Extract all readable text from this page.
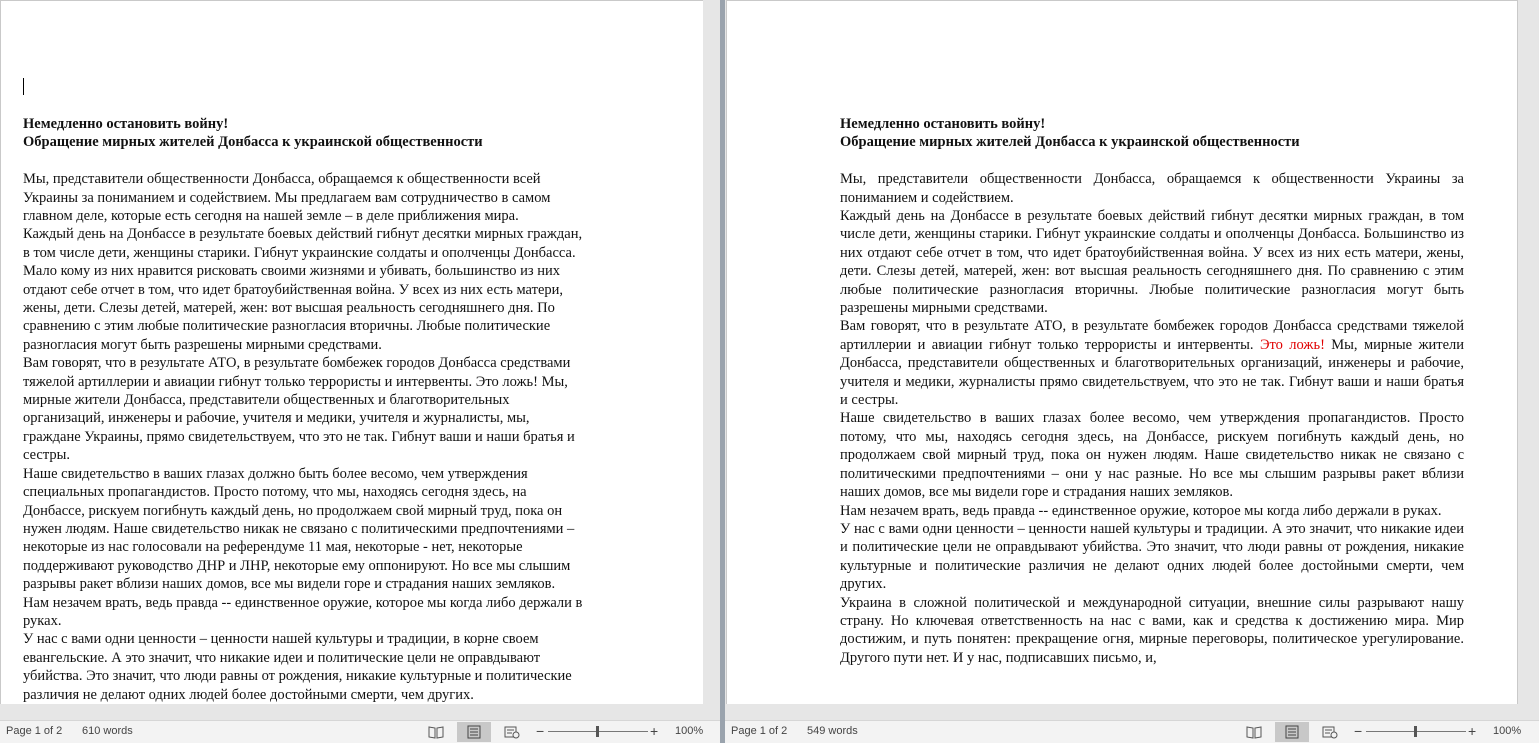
Немедленно остановить войну!
Обращение мирных жителей Донбасса к украинской общественности
Мы, представители общественности Донбасса, обращаемся к общественности всей
Украины за пониманием и содействием. Мы предлагаем вам сотрудничество в самом
главном деле, которые есть сегодня на нашей земле – в деле приближения мира.
Каждый день на Донбассе в результате боевых действий гибнут десятки мирных граждан,
в том числе дети, женщины старики. Гибнут украинские солдаты и ополченцы Донбасса.
Мало кому из них нравится рисковать своими жизнями и убивать, большинство из них
отдают себе отчет в том, что идет братоубийственная война. У всех из них есть матери,
жены, дети. Слезы детей, матерей, жен: вот высшая реальность сегодняшнего дня. По
сравнению с этим любые политические разногласия вторичны. Любые политические
разногласия могут быть разрешены мирными средствами.
Вам говорят, что в результате АТО, в результате бомбежек городов Донбасса средствами
тяжелой артиллерии и авиации гибнут только террористы и интервенты. Это ложь! Мы,
мирные жители Донбасса, представители общественных и благотворительных
организаций, инженеры и рабочие, учителя и медики, учителя и журналисты, мы,
граждане Украины, прямо свидетельствуем, что это не так. Гибнут ваши и наши братья и
сестры.
Наше свидетельство в ваших глазах должно быть более весомо, чем утверждения
специальных пропагандистов. Просто потому, что мы, находясь сегодня здесь, на
Донбассе, рискуем погибнуть каждый день, но продолжаем свой мирный труд, пока он
нужен людям. Наше свидетельство никак не связано с политическими предпочтениями –
некоторые из нас голосовали на референдуме 11 мая, некоторые - нет, некоторые
поддерживают руководство ДНР и ЛНР, некоторые ему оппонируют. Но все мы слышим
разрывы ракет вблизи наших домов, все мы видели горе и страдания наших земляков.
Нам незачем врать, ведь правда -- единственное оружие, которое мы когда либо держали в
руках.
У нас с вами одни ценности – ценности нашей культуры и традиции, в корне своем
евангельские. А это значит, что никакие идеи и политические цели не оправдывают
убийства. Это значит, что люди равны от рождения, никакие культурные и политические
различия не делают одних людей более достойными смерти, чем других.
Page 1 of 2 610 words	−	+ 100%
Немедленно остановить войну!
Обращение мирных жителей Донбасса к украинской общественности

Мы, представители общественности Донбасса, обращаемся к общественности Украины за пониманием и содействием.

Каждый день на Донбассе в результате боевых действий гибнут десятки мирных граждан, в том числе дети, женщины старики. Гибнут украинские солдаты и ополченцы Донбасса. Большинство из них отдают себе отчет в том, что идет братоубийственная война. У всех из них есть матери, жены, дети. Слезы детей, матерей, жен: вот высшая реальность сегодняшнего дня. По сравнению с этим любые политические разногласия вторичны. Любые политические разногласия могут быть разрешены мирными средствами.

Вам говорят, что в результате АТО, в результате бомбежек городов Донбасса средствами тяжелой артиллерии и авиации гибнут только террористы и интервенты. Это ложь! Мы, мирные жители Донбасса, представители общественных и благотворительных организаций, инженеры и рабочие, учителя и медики, журналисты прямо свидетельствуем, что это не так. Гибнут ваши и наши братья и сестры.

Наше свидетельство в ваших глазах более весомо, чем утверждения пропагандистов. Просто потому, что мы, находясь сегодня здесь, на Донбассе, рискуем погибнуть каждый день, но продолжаем свой мирный труд, пока он нужен людям. Наше свидетельство никак не связано с политическими предпочтениями – они у нас разные. Но все мы слышим разрывы ракет вблизи наших домов, все мы видели горе и страдания наших земляков.

Нам незачем врать, ведь правда -- единственное оружие, которое мы когда либо держали в руках.

У нас с вами одни ценности – ценности нашей культуры и традиции. А это значит, что никакие идеи и политические цели не оправдывают убийства. Это значит, что люди равны от рождения, никакие культурные и политические различия не делают одних людей более достойными смерти, чем других.

Украина в сложной политической и международной ситуации, внешние силы разрывают нашу страну. Но ключевая ответственность на нас с вами, как и средства к достижению мира. Мир достижим, и путь понятен: прекращение огня, мирные переговоры, политическое урегулирование. Другого пути нет. И у нас, подписавших письмо, и,

Page 1 of 2 549 words	−	+ 100%
